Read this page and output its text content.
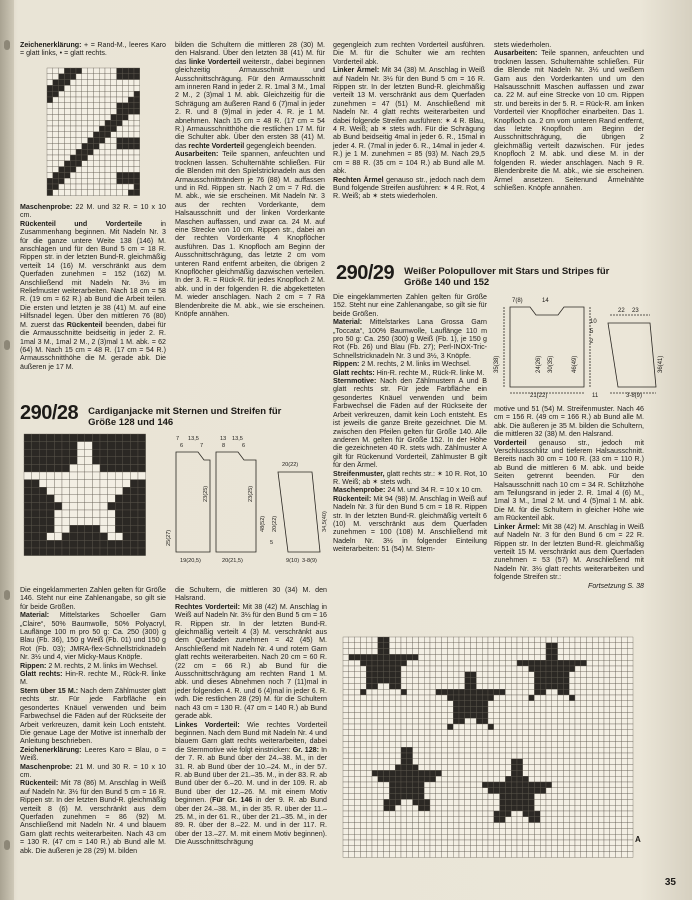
Zeichenerklärung: + = Rand-M., leeres Karo = glatt links, • = glatt rechts.

Maschenprobe: 22 M. und 32 R. = 10 x 10 cm.

Rückenteil und Vorderteile	in Zusammenhang beginnen. Mit Nadeln Nr. 3 für die ganze untere Weite 138 (146) M. anschlagen und für den Bund 5 cm = 18 R. Rippen str. in der letzten Bund-R. gleichmäßig verteilt 14 (16) M. verschränkt aus dem Querfaden zunehmen = 152 (162) M. Anschließend mit Nadeln Nr. 3½ im Reliefmuster weiterarbeiten. Nach 18 cm = 58 R. (19 cm = 62 R.) ab Bund die Arbeit teilen. Die ersten und letzten je 38 (41) M. auf eine Hilfsnadel legen. Über den mittleren 76 (80) M. zuerst das Rückenteil beenden, dabei für die Armausschnitte beidseitig in jeder 2. R. 1mal 3 M., 1mal 2 M., 2 (3)mal 1 M. abk. = 62 (64) M. Nach 15 cm = 48 R. (17 cm = 54 R.) Armausschnitthöhe die M. gerade abk. Die äußeren je 17 M.

bilden die Schultern die mittleren 28 (30) M. den Halsrand. Über den letzten 38 (41) M. für das linke Vorderteil weiterstr., dabei beginnen gleichzeitig Armausschnitt und Ausschnittschrägung. Für den Armausschnitt am inneren Rand in jeder 2. R. 1mal 3 M., 1mal 2 M., 2 (3)mal 1 M. abk. Gleichzeitig für die Schrägung am äußeren Rand 6 (7)mal in jeder 2. R. und 8 (9)mal in jeder 4. R. je 1 M. abnehmen. Nach 15 cm = 48 R. (17 cm = 54 R.) Armausschnitthöhe die restlichen 17 M. für die Schulter abk. Über den ersten 38 (41) M. das rechte Vorderteil gegengleich beenden.

Ausarbeiten: Teile spannen, anfeuchten und trocknen lassen. Schulternähte schließen. Für die Blenden mit den Spielstricknadeln aus den Armausschnitträndern je 76 (88) M. auffassen und in Rd. Rippen str. Nach 2 cm = 7 Rd. die M. abk., wie sie erscheinen. Mit Nadeln Nr. 3 aus der rechten Vorderkante, dem Halsausschnitt und der linken Vorderkante Maschen auffassen, und zwar ca. 24 M. auf eine Strecke von 10 cm. Rippen str., dabei an der rechten Vorderkante 4 Knopflöcher ausführen. Das 1. Knopfloch am Beginn der Ausschnittschrägung, das letzte 2 cm vom unteren Rand entfernt arbeiten, die übrigen 2 Knopflöcher gleichmäßig dazwischen verteilen. In der 3. R. = Rück-R. für jedes Knopfloch 2 M. abk. und in der folgenden R. die abgeketteten M. wieder anschlagen. Nach 2 cm = 7 Rä Blendenbreite die M. abk., wie sie erscheinen. Knöpfe annähen.

gegengleich zum rechten Vorderteil ausführen. Die M. für die Schulter wie am rechten Vorderteil abk.

Linker Ärmel: Mit 34 (38) M. Anschlag in Weiß auf Nadeln Nr. 3½ für den Bund 5 cm = 16 R. Rippen str. In der letzten Bund-R. gleichmäßig verteilt 13 M. verschränkt aus dem Querfaden zunehmen = 47 (51) M. Anschließend mit Nadeln Nr. 4 glatt rechts weiterarbeiten und dabei folgende Streifen ausführen: ✶ 4 R. Blau, 4 R. Weiß; ab ✶ stets wdh. Für die Schrägung ab Bund beidseitig 4mal in jeder 6. R., 15mal in jeder 4. R. (7mal in jeder 6. R., 14mal in jeder 4. R.) je 1 M. zunehmen = 85 (93) M. Nach 29,5 cm = 88 R. (35 cm = 104 R.) ab Bund alle M. abk.

Rechten Ärmel genauso str., jedoch nach dem Bund folgende Streifen ausführen: ✶ 4 R. Rot, 4 R. Weiß; ab ✶ stets wiederholen.

stets wiederholen.

Ausarbeiten: Teile spannen, anfeuchten und trocknen lassen. Schulternähte schließen. Für die Blende mit Nadeln Nr. 3½ und weißem Garn aus den Vorderkanten und um den Halsausschnitt Maschen auffassen und zwar ca. 22 M. auf eine Strecke von 10 cm. Rippen str. und bereits in der 5. R. = Rück-R. am linken Vorderteil vier Knopflöcher einarbeiten. Das 1. Knopfloch ca. 2 cm vom unteren Rand entfernt, das letzte Knopfloch am Beginn der Ausschnittschrägung, die übrigen 2 gleichmäßig verteilt dazwischen. Für jedes Knopfloch 2 M. abk. und diese M. in der folgenden R. wieder anschlagen. Nach 9 R. Blendenbreite die M. abk., wie sie erscheinen. Ärmel ansetzen. Seitenund Ärmelnähte schließen. Knöpfe annähen.

290/29 Weißer Polopullover mit Stars und Stripes für
Größe 140 und 152

Die eingeklammerten Zahlen gelten für Größe 152. Steht nur eine Zahlenangabe, so gilt sie für beide Größen.

Material: Mittelstarkes Lana Grossa Garn „Toccata“, 100% Baumwolle, Lauflänge 110 m pro 50 g: Ca. 250 (300) g Weiß (Fb. 1), je 150 g Rot (Fb. 26) und Blau (Fb. 27); Perl-INOX-Tric-Schnellstricknadeln Nr. 3 und 3½, 3 Knöpfe.

Rippen: 2 M. rechts, 2 M. links im Wechsel.

Glatt rechts: Hin-R. rechte M., Rück-R. linke M.

Sternmotive: Nach den Zählmustern A und B glatt rechts str. Für jede Farbfläche ein gesondertes Knäuel verwenden und beim Farbwechsel die Fäden auf der Rückseite der Arbeit verkreuzen, damit kein Loch entsteht. Es ist jeweils die ganze Breite gezeichnet. Die M. zwischen den Pfeilen gelten für Größe 140. Alle anderen M. gelten für Größe 152. In der Höhe die gezeichneten 40 R. stets wdh. Zählmuster A gilt für Rückenund Vorderteil, Zählmuster B gilt für den Ärmel.

Streifenmuster, glatt rechts str.: ✶ 10 R. Rot, 10 R. Weiß; ab ✶ stets wdh.

Maschenprobe: 24 M. und 34 R. = 10 x 10 cm.

Rückenteil: Mit 94 (98) M. Anschlag in Weiß auf Nadeln Nr. 3 für den Bund 5 cm = 18 R. Rippen str. In der letzten Bund-R. gleichmäßig verteilt 6 (10) M. verschränkt aus dem Querfaden zunehmen = 100 (108) M. Anschließend mit Nadeln Nr. 3½ in folgender Einteilung weiterarbeiten: 51 (54) M. Stern-

7(8)	14
22 23
10
5
2
35(38)	24(26) 30(35)	46(49)	36(41)
21(22)	11	3-8(9)

motive und 51 (54) M. Streifenmuster. Nach 46 cm = 156 R. (49 cm = 166 R.) ab Bund alle M. abk. Die äußeren je 35 M. bilden die Schultern, die mittleren 32 (38) M. den Halsrand.

Vorderteil genauso str., jedoch mit Verschlussschlitz und tieferem Halsausschnitt. Bereits nach 30 cm = 100 R. (33 cm = 110 R.) ab Bund die mittleren 6 M. abk. und beide Seiten getrennt beenden. Für den Halsausschnitt nach 10 cm = 34 R. Schlitzhöhe am Teilungsrand in jeder 2. R. 1mal 4 (6) M., 1mal 3 M., 1mal 2 M. und 4 (5)mal 1 M. abk. Die M. für die Schultern in gleicher Höhe wie am Rückenteil abk.

Linker Ärmel: Mit 38 (42) M. Anschlag in Weiß auf Nadeln Nr. 3 für den Bund 6 cm = 22 R. Rippen str. In der letzten Bund-R. gleichmäßig verteilt 15 M. verschränkt aus dem Querfaden zunehmen = 53 (57) M. Anschließend mit Nadeln Nr. 3½ glatt rechts weiterarbeiten und folgende Streifen str.:

Fortsetzung S. 38

290/28 Cardiganjacke mit Sternen und Streifen für
Größe 128 und 146
7 13,5
6
13 13,5
8	6
7
20(22)
25(27)
23(25)
48(52)
23(25)
20(22)
5
19(20,5)	20(21,5)
34,5(40)
9(10) 3-8(9)

Die eingeklammerten Zahlen gelten für Größe 146. Steht nur eine Zahlenangabe, so gilt sie für beide Größen.

Material: Mittelstarkes Schoeller Garn „Claire“, 50% Baumwolle, 50% Polyacryl, Lauflänge 100 m pro 50 g: Ca. 250 (300) g Blau (Fb. 36), 150 g Weiß (Fb. 01) und 150 g Rot (Fb. 03); JMRA-flex-Schnellstricknadeln Nr. 3½ und 4, vier Micky-Maus Knöpfe.

Rippen: 2 M. rechts, 2 M. links im Wechsel.

Glatt rechts: Hin-R. rechte M., Rück-R. linke M.

Stern über 15 M.: Nach dem Zählmuster glatt rechts str. Für jede Farbfläche ein gesondertes Knäuel verwenden und beim Farbwechsel die Fäden auf der Rückseite der Arbeit verkreuzen, damit kein Loch entsteht. Die genaue Lage der Motive ist innerhalb der Anleitung beschrieben.

Zeichenerklärung: Leeres Karo = Blau, o = Weiß.

Maschenprobe: 21 M. und 30 R. = 10 x 10 cm.

Rückenteil: Mit 78 (86) M. Anschlag in Weiß auf Nadeln Nr. 3½ für den Bund 5 cm = 16 R. Rippen str. In der letzten Bund-R. gleichmäßig verteilt 8 (6) M. verschränkt aus dem Querfaden zunehmen = 86 (92) M. Anschließend mit Nadeln Nr. 4 und blauem Garn glatt rechts weiterarbeiten. Nach 43 cm = 130 R. (47 cm = 140 R.) ab Bund alle M. abk. Die äußeren je 28 (29) M. bilden

die Schultern, die mittleren 30 (34) M. den Halsrand.

Rechtes Vorderteil: Mit 38 (42) M. Anschlag in Weiß auf Nadeln Nr. 3½ für den Bund 5 cm = 16 R. Rippen str. In der letzten Bund-R. gleichmäßig verteilt 4 (3) M. verschränkt aus dem Querfaden zunehmen = 42 (45) M. Anschließend mit Nadeln Nr. 4 und rotem Garn glatt rechts weiterarbeiten. Nach 20 cm = 60 R. (22 cm = 66 R.) ab Bund für die Ausschnittschrägung am rechten Rand 1 M. abk. und dieses Abnehmen noch 7 (11)mal in jeder folgenden 4. R. und 6 (4)mal in jeder 6. R. wdh. Die restlichen 28 (29) M. für die Schultern nach 43 cm = 130 R. (47 cm = 140 R.) ab Bund gerade abk.

Linkes Vorderteil: Wie rechtes Vorderteil beginnen. Nach dem Bund mit Nadeln Nr. 4 und blauem Garn glatt rechts weiterarbeiten, dabei die Sternmotive wie folgt einstricken: Gr. 128: In der 7. R. ab Bund über der 24.–38. M., in der 31. R. ab Bund über der 10.–24. M., in der 57. R. ab Bund über der 21.–35. M., in der 83. R. ab Bund über der 6.–20. M. und in der 109. R. ab Bund über der 12.–26. M. mit einem Motiv beginnen. (Für Gr. 146 in der 9. R. ab Bund über der 24.–38. M., in der 35. R. über der 11.–25. M., in der 61. R., über der 21.–35. M., in der 89. R. über der 8.–22. M. und in der 117. R. über der 13.–27. M. mit einem Motiv beginnen). Die Ausschnittschrägung	A
35
